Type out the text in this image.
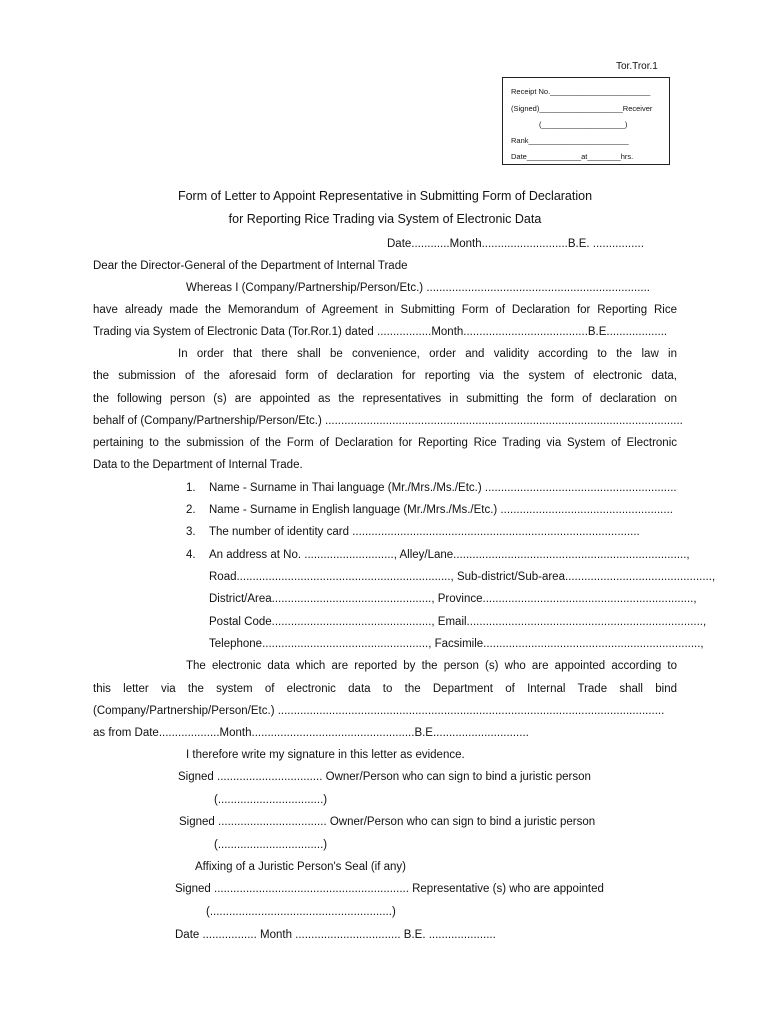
Tor.Tror.1
Receipt No.________________________
(Signed)____________________Receiver
(____________________)
Rank________________________
Date_____________at________hrs.
Form of Letter to Appoint Representative in Submitting Form of Declaration
for Reporting Rice Trading via System of Electronic Data
Date............Month...........................B.E. ................
Dear the Director-General of the Department of Internal Trade
Whereas I (Company/Partnership/Person/Etc.) ......................................................................
have already made the Memorandum of Agreement in Submitting Form of Declaration for Reporting Rice
Trading via System of Electronic Data (Tor.Ror.1) dated .................Month.......................................B.E...................
In order that there shall be convenience, order and validity according to the law in
the submission of the aforesaid form of declaration for reporting via the system of electronic data,
the following person (s) are appointed as the representatives in submitting the form of declaration on
behalf of (Company/Partnership/Person/Etc.) ................................................................................................................
pertaining to the submission of the Form of Declaration for Reporting Rice Trading via System of Electronic
Data to the Department of Internal Trade.
1. Name - Surname in Thai language (Mr./Mrs./Ms./Etc.) ............................................................
2. Name - Surname in English language (Mr./Mrs./Ms./Etc.) ......................................................
3. The number of identity card ..........................................................................................
4. An address at No. ............................, Alley/Lane.........................................................................,
Road..................................................................., Sub-district/Sub-area..............................................,
District/Area.................................................., Province..................................................................,
Postal Code.................................................., Email..........................................................................,
Telephone...................................................., Facsimile....................................................................,
The electronic data which are reported by the person (s) who are appointed according to
this letter via the system of electronic data to the Department of Internal Trade shall bind
(Company/Partnership/Person/Etc.) .........................................................................................................................
as from Date...................Month...................................................B.E..............................
I therefore write my signature in this letter as evidence.
Signed ................................. Owner/Person who can sign to bind a juristic person
(.................................)
Signed .................................. Owner/Person who can sign to bind a juristic person
(.................................)
Affixing of a Juristic Person's Seal (if any)
Signed ............................................................. Representative (s) who are appointed
(.........................................................)
Date ................. Month ................................. B.E. .....................
